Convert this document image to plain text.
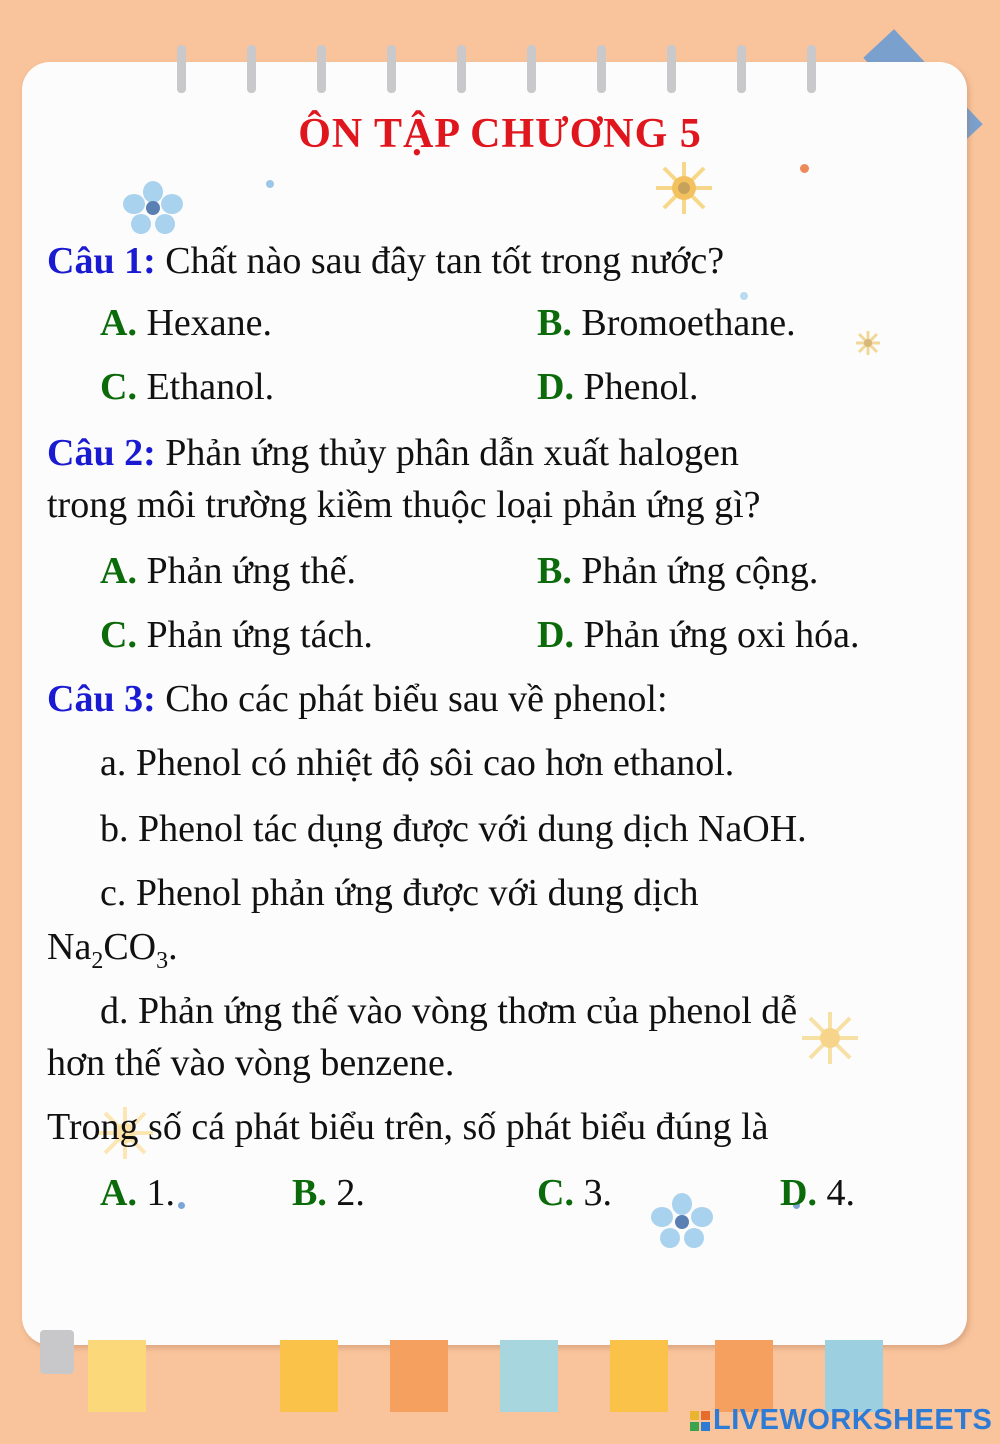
ÔN TẬP CHƯƠNG 5
Câu 1: Chất nào sau đây tan tốt trong nước?
A. Hexane.	B. Bromoethane.
C. Ethanol.	D. Phenol.
Câu 2: Phản ứng thủy phân dẫn xuất halogen
trong môi trường kiềm thuộc loại phản ứng gì?
A. Phản ứng thế.	B. Phản ứng cộng.
C. Phản ứng tách.	D. Phản ứng oxi hóa.
Câu 3: Cho các phát biểu sau về phenol:
a. Phenol có nhiệt độ sôi cao hơn ethanol.
b. Phenol tác dụng được với dung dịch NaOH.
c. Phenol phản ứng được với dung dịch
$Na_2CO_3$.
d. Phản ứng thế vào vòng thơm của phenol dễ
hơn thế vào vòng benzene.
Trong số cá phát biểu trên, số phát biểu đúng là
A. 1.	B. 2.	C. 3.	D. 4.
LIVEWORKSHEETS
